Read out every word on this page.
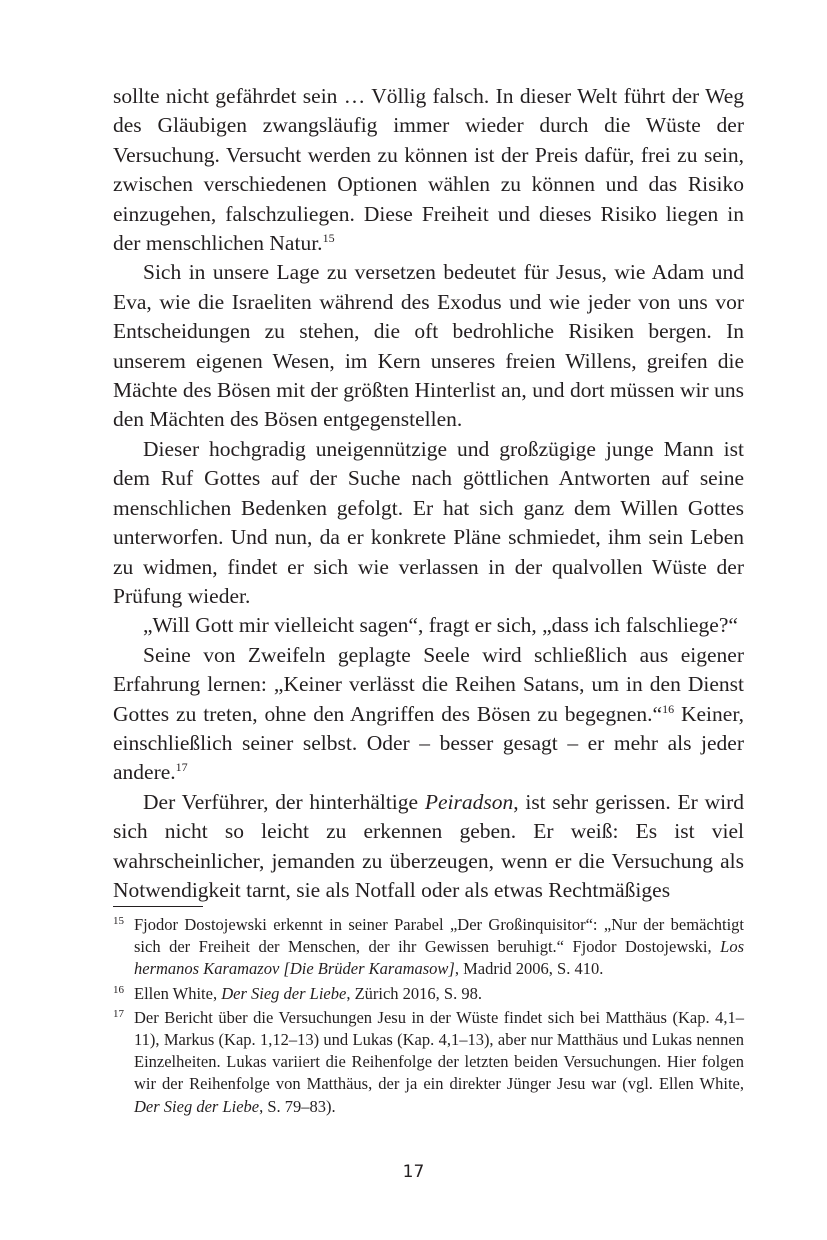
sollte nicht gefährdet sein … Völlig falsch. In dieser Welt führt der Weg des Gläubigen zwangsläufig immer wieder durch die Wüste der Versuchung. Versucht werden zu können ist der Preis dafür, frei zu sein, zwischen verschiedenen Optionen wählen zu können und das Risiko einzugehen, falschzuliegen. Diese Freiheit und dieses Risiko liegen in der menschlichen Natur.$^{15}$

Sich in unsere Lage zu versetzen bedeutet für Jesus, wie Adam und Eva, wie die Israeliten während des Exodus und wie jeder von uns vor Entscheidungen zu stehen, die oft bedrohliche Risiken bergen. In unserem eigenen Wesen, im Kern unseres freien Willens, greifen die Mächte des Bösen mit der größten Hinterlist an, und dort müssen wir uns den Mächten des Bösen entgegenstellen.

Dieser hochgradig uneigennützige und großzügige junge Mann ist dem Ruf Gottes auf der Suche nach göttlichen Antworten auf seine menschlichen Bedenken gefolgt. Er hat sich ganz dem Willen Gottes unterworfen. Und nun, da er konkrete Pläne schmiedet, ihm sein Leben zu widmen, findet er sich wie verlassen in der qualvollen Wüste der Prüfung wieder.

„Will Gott mir vielleicht sagen“, fragt er sich, „dass ich falschliege?“

Seine von Zweifeln geplagte Seele wird schließlich aus eigener Erfahrung lernen: „Keiner verlässt die Reihen Satans, um in den Dienst Gottes zu treten, ohne den Angriffen des Bösen zu begegnen.“$^{16}$ Keiner, einschließlich seiner selbst. Oder – besser gesagt – er mehr als jeder andere.$^{17}$

Der Verführer, der hinterhältige Peiradson, ist sehr gerissen. Er wird sich nicht so leicht zu erkennen geben. Er weiß: Es ist viel wahrscheinlicher, jemanden zu überzeugen, wenn er die Versuchung als Notwendigkeit tarnt, sie als Notfall oder als etwas Rechtmäßiges

15 Fjodor Dostojewski erkennt in seiner Parabel „Der Großinquisitor“: „Nur der bemächtigt sich der Freiheit der Menschen, der ihr Gewissen beruhigt.“ Fjodor Dostojewski, Los hermanos Karamazov [Die Brüder Karamasow], Madrid 2006, S. 410.
16 Ellen White, Der Sieg der Liebe, Zürich 2016, S. 98.
17 Der Bericht über die Versuchungen Jesu in der Wüste findet sich bei Matthäus (Kap. 4,1–11), Markus (Kap. 1,12–13) und Lukas (Kap. 4,1–13), aber nur Matthäus und Lukas nennen Einzelheiten. Lukas variiert die Reihenfolge der letzten beiden Versuchungen. Hier folgen wir der Reihenfolge von Matthäus, der ja ein direkter Jünger Jesu war (vgl. Ellen White, Der Sieg der Liebe, S. 79–83).
17
